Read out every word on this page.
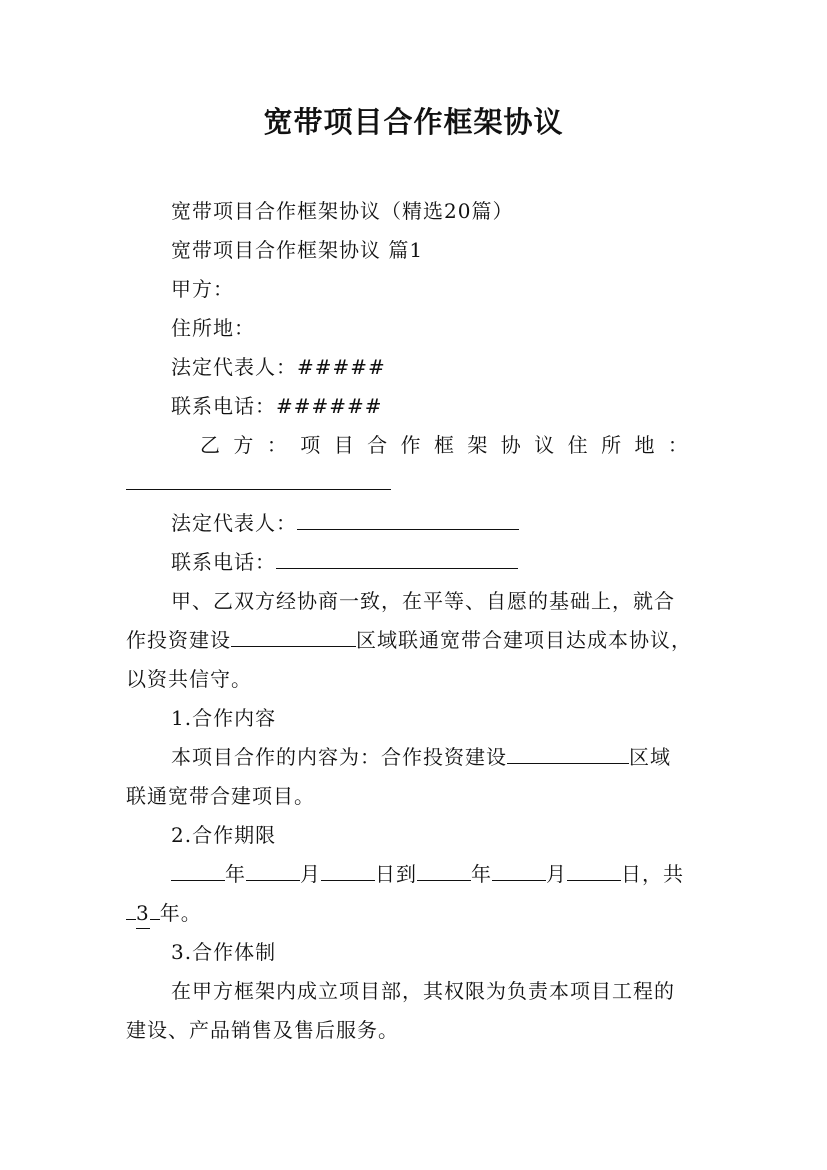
宽带项目合作框架协议
宽带项目合作框架协议（精选20篇）
宽带项目合作框架协议 篇1
甲方：
住所地：
法定代表人：#####
联系电话：######
乙 方 ： 项 目 合 作 框 架 协 议 住 所 地 ：
法定代表人：
联系电话：
甲、乙双方经协商一致，在平等、自愿的基础上，就合
作投资建设	区域联通宽带合建项目达成本协议，
以资共信守。
1.合作内容
本项目合作的内容为：合作投资建设	区域
联通宽带合建项目。
2.合作期限
年	月	日到	年	月	日，共
3 年。
3.合作体制
在甲方框架内成立项目部，其权限为负责本项目工程的
建设、产品销售及售后服务。
